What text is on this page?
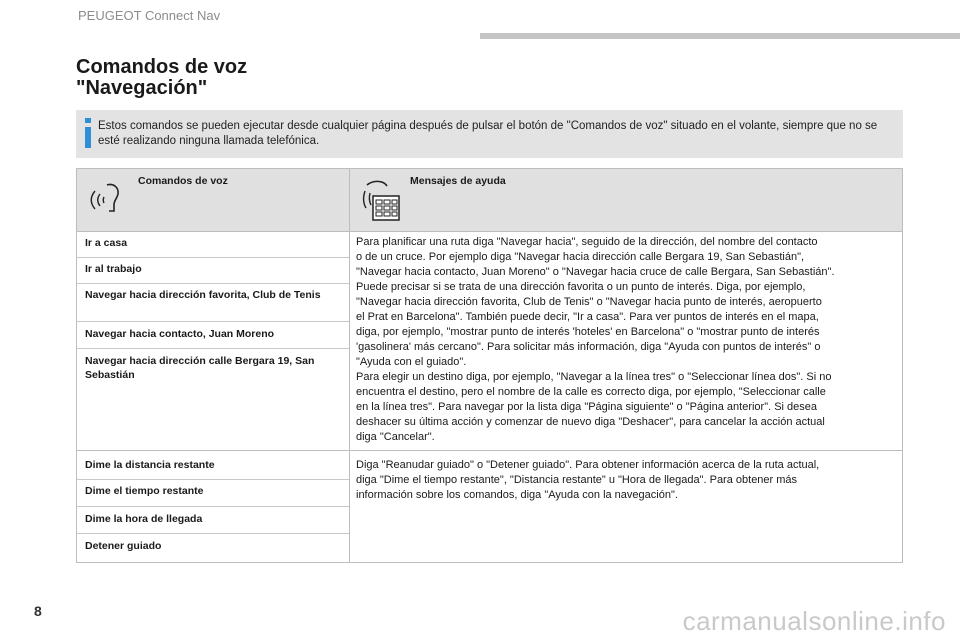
PEUGEOT Connect Nav
Comandos de voz
"Navegación"
Estos comandos se pueden ejecutar desde cualquier página después de pulsar el botón de "Comandos de voz" situado en el volante, siempre que no se esté realizando ninguna llamada telefónica.
Comandos de voz	Mensajes de ayuda
Ir a casa
Ir al trabajo
Navegar hacia dirección favorita, Club de Tenis
Navegar hacia contacto, Juan Moreno
Navegar hacia dirección calle Bergara 19, San Sebastián
Para planificar una ruta diga "Navegar hacia", seguido de la dirección, del nombre del contacto
o de un cruce. Por ejemplo diga "Navegar hacia dirección calle Bergara 19, San Sebastián",
"Navegar hacia contacto, Juan Moreno" o "Navegar hacia cruce de calle Bergara, San Sebastián".
Puede precisar si se trata de una dirección favorita o un punto de interés. Diga, por ejemplo,
"Navegar hacia dirección favorita, Club de Tenis" o "Navegar hacia punto de interés, aeropuerto
el Prat en Barcelona". También puede decir, "Ir a casa". Para ver puntos de interés en el mapa,
diga, por ejemplo, "mostrar punto de interés 'hoteles' en Barcelona" o "mostrar punto de interés
'gasolinera' más cercano". Para solicitar más información, diga "Ayuda con puntos de interés" o
"Ayuda con el guiado".
Para elegir un destino diga, por ejemplo, "Navegar a la línea tres" o "Seleccionar línea dos". Si no
encuentra el destino, pero el nombre de la calle es correcto diga, por ejemplo, "Seleccionar calle
en la línea tres". Para navegar por la lista diga "Página siguiente" o "Página anterior". Si desea
deshacer su última acción y comenzar de nuevo diga "Deshacer", para cancelar la acción actual
diga "Cancelar".
Dime la distancia restante
Dime el tiempo restante
Dime la hora de llegada
Detener guiado
Diga "Reanudar guiado" o "Detener guiado". Para obtener información acerca de la ruta actual,
diga "Dime el tiempo restante", "Distancia restante" u "Hora de llegada". Para obtener más
información sobre los comandos, diga "Ayuda con la navegación".
8	carmanualsonline.info
